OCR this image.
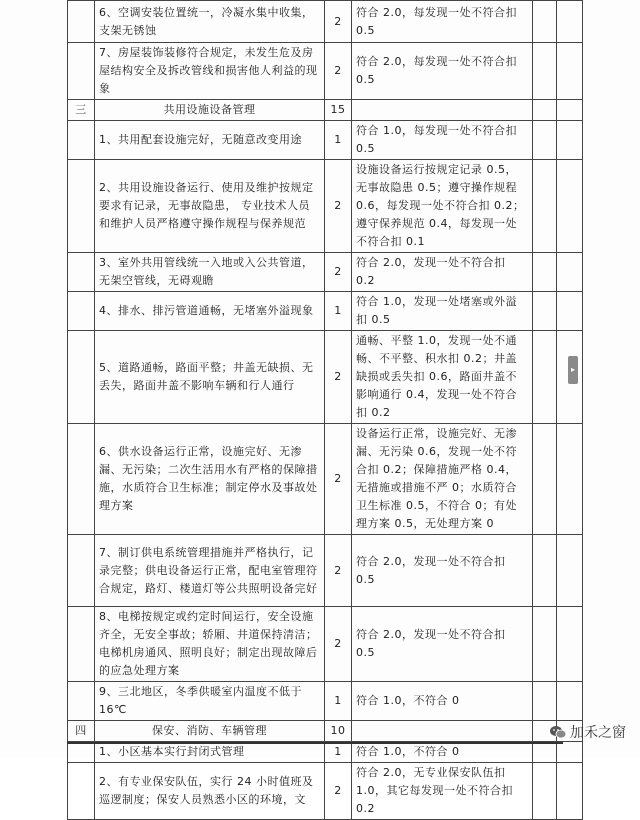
	6、空调安装位置统一，冷凝水集中收集，支架无锈蚀	2	符合 2.0，每发现一处不符合扣 0.5		
	7、房屋装饰装修符合规定，未发生危及房屋结构安全及拆改管线和损害他人利益的现象	2	符合 2.0，每发现一处不符合扣 0.5		
三	共用设施设备管理	15			
	1、共用配套设施完好，无随意改变用途	1	符合 1.0，每发现一处不符合扣 0.5		
	2、共用设施设备运行、使用及维护按规定要求有记录，无事故隐患， 专业技术人员和维护人员严格遵守操作规程与保养规范	2	设施设备运行按规定记录 0.5，无事故隐患 0.5；遵守操作规程 0.6，每发现一处不符合扣 0.2；遵守保养规范 0.4，每发现一处不符合扣 0.1		
	3、室外共用管线统一入地或入公共管道，无架空管线，无碍观瞻	2	符合 2.0，发现一处不符合扣 0.2		
	4、排水、排污管道通畅，无堵塞外溢现象	1	符合 1.0，发现一处堵塞或外溢扣 0.5		
	5、道路通畅，路面平整；井盖无缺损、无丢失，路面井盖不影响车辆和行人通行	2	通畅、平整 1.0，发现一处不通畅、不平整、积水扣 0.2；井盖缺损或丢失扣 0.6，路面井盖不影响通行 0.4，发现一处不符合扣 0.2		
	6、供水设备运行正常，设施完好、无渗漏、无污染；二次生活用水有严格的保障措施，水质符合卫生标准；制定停水及事故处理方案	2	设备运行正常，设施完好、无渗漏、无污染 0.6，发现一处不符合扣 0.2；保障措施严格 0.4，无措施或措施不严 0；水质符合卫生标准 0.5，不符合 0；有处理方案 0.5，无处理方案 0		
	7、制订供电系统管理措施并严格执行，记录完整；供电设备运行正常，配电室管理符合规定，路灯、楼道灯等公共照明设备完好	2	符合 2.0，发现一处不符合扣 0.5		
	8、电梯按规定或约定时间运行，安全设施齐全，无安全事故；轿厢、井道保持清洁；电梯机房通风、照明良好；制定出现故障后的应急处理方案	2	符合 2.0，发现一处不符合扣 0.5		
	9、三北地区，冬季供暖室内温度不低于 16℃	1	符合 1.0，不符合 0		
四	保安、消防、车辆管理	10			
	1、小区基本实行封闭式管理	1	符合 1.0，不符合 0		
	2、有专业保安队伍，实行 24 小时值班及巡逻制度；保安人员熟悉小区的环境，文	2	符合 2.0，无专业保安队伍扣 1.0，其它每发现一处不符合扣 0.2		
▸
加禾之窗
